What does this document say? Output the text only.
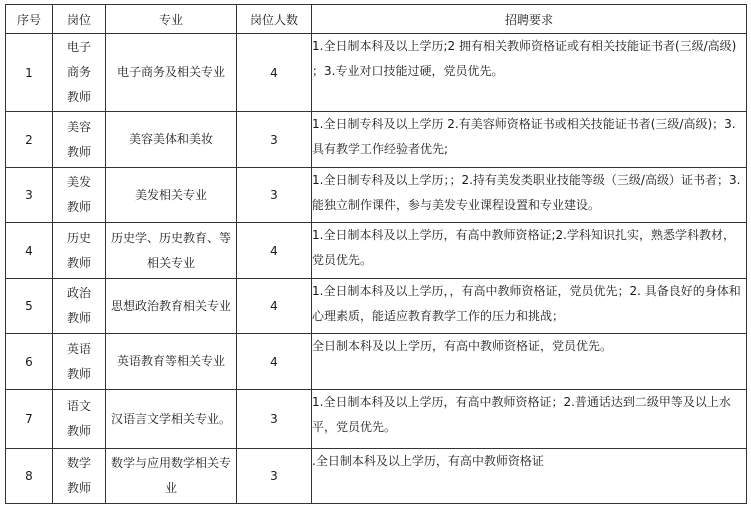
序号	岗位	专业	岗位人数	招聘要求
1	电子商务教师	电子商务及相关专业	4	1.全日制本科及以上学历;2 拥有相关教师资格证或有相关技能证书者(三级/高级) ；3.专业对口技能过硬，党员优先。
2	美容教师	美容美体和美妆	3	1.全日制专科及以上学历 2.有美容师资格证书或相关技能证书者(三级/高级)；3.具有教学工作经验者优先;
3	美发教师	美发相关专业	3	1.全日制专科及以上学历；；2.持有美发类职业技能等级（三级/高级）证书者；3.能独立制作课件，参与美发专业课程设置和专业建设。
4	历史教师	历史学、历史教育、等相关专业	4	1.全日制本科及以上学历，有高中教师资格证;2.学科知识扎实，熟悉学科教材，党员优先。
5	政治教师	思想政治教育相关专业	4	1.全日制本科及以上学历，，有高中教师资格证，党员优先；2. 具备良好的身体和心理素质，能适应教育教学工作的压力和挑战；
6	英语教师	英语教育等相关专业	4	全日制本科及以上学历，有高中教师资格证，党员优先。
7	语文教师	汉语言文学相关专业。	3	1.全日制本科及以上学历，有高中教师资格证；2.普通话达到二级甲等及以上水平，党员优先。
8	数学教师	数学与应用数学相关专业	3	.全日制本科及以上学历，有高中教师资格证
